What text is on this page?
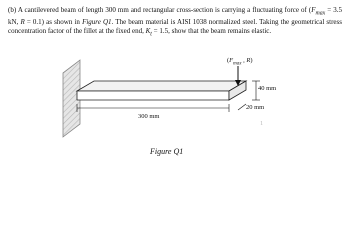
(b) A cantilevered beam of length 300 mm and rectangular cross-section is carrying a fluctuating force of ($F_{max} = 3.5$ kN, R = 0.1) as shown in Figure Q1. The beam material is AISI 1038 normalized steel. Taking the geometrical stress concentration factor of the fillet at the fixed end, $K_t = 1.5$, show that the beam remains elastic.
($F_{max}$ , R)
40 mm
20 mm
300 mm
1
Figure Q1
